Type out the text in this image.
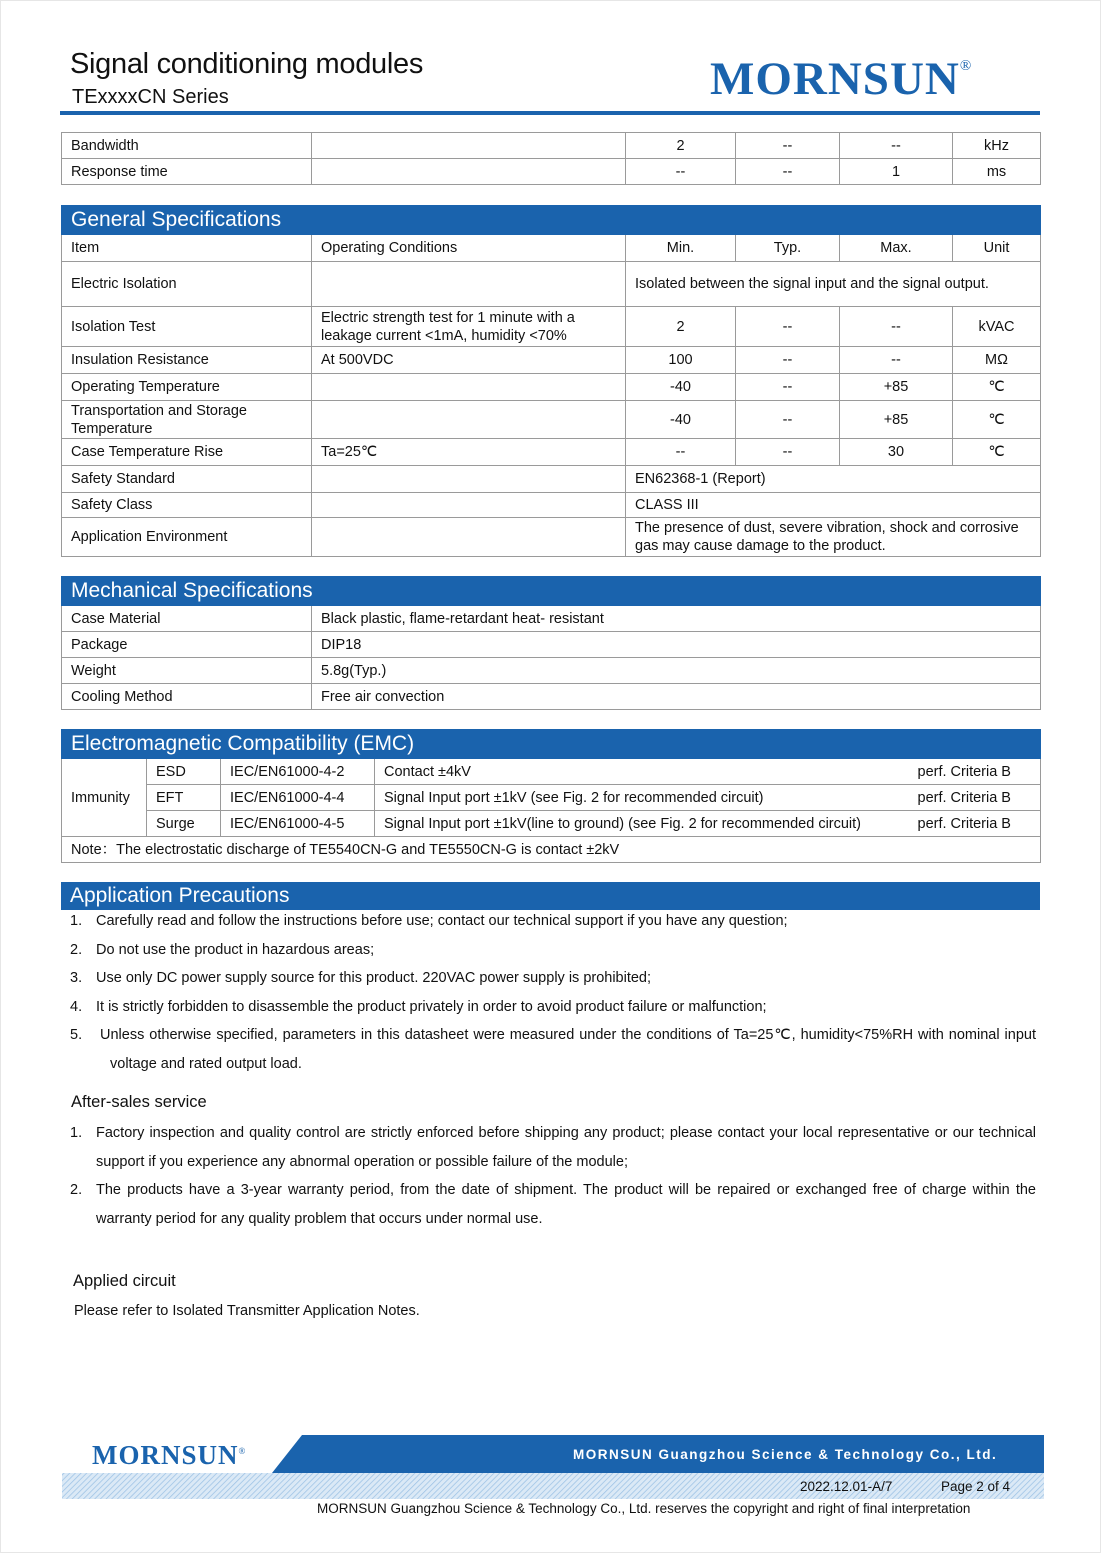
Signal conditioning modules
TExxxxCN Series	MORNSUN®
Bandwidth		2	--	--	kHz
Response time		--	--	1	ms
General Specifications					
Item	Operating Conditions	Min.	Typ.	Max.	Unit
Electric Isolation		Isolated between the signal input and the signal output.			
Isolation Test	Electric strength test for 1 minute with a leakage current <1mA, humidity <70%	2	--	--	kVAC
Insulation Resistance	At 500VDC	100	--	--	MΩ
Operating Temperature		-40	--	+85	℃
Transportation and Storage Temperature		-40	--	+85	℃
Case Temperature Rise	Ta=25℃	--	--	30	℃
Safety Standard		EN62368-1 (Report)			
Safety Class		CLASS III			
Application Environment		The presence of dust, severe vibration, shock and corrosive gas may cause damage to the product.			
Mechanical Specifications	
Case Material	Black plastic, flame-retardant heat- resistant
Package	DIP18
Weight	5.8g(Typ.)
Cooling Method	Free air convection
Electromagnetic Compatibility (EMC)				
Immunity	ESD	IEC/EN61000-4-2	Contact ±4kV	perf. Criteria B
	EFT	IEC/EN61000-4-4	Signal Input port ±1kV (see Fig. 2 for recommended circuit)	perf. Criteria B
	Surge	IEC/EN61000-4-5	Signal Input port ±1kV(line to ground) (see Fig. 2 for recommended circuit)	perf. Criteria B
Note：The electrostatic discharge of TE5540CN-G and TE5550CN-G is contact ±2kV				
Application Precautions
1. Carefully read and follow the instructions before use; contact our technical support if you have any question;
2. Do not use the product in hazardous areas;
3. Use only DC power supply source for this product. 220VAC power supply is prohibited;
4. It is strictly forbidden to disassemble the product privately in order to avoid product failure or malfunction;
5. Unless otherwise specified, parameters in this datasheet were measured under the conditions of Ta=25℃, humidity<75%RH with nominal input voltage and rated output load.
After-sales service
1. Factory inspection and quality control are strictly enforced before shipping any product; please contact your local representative or our technical support if you experience any abnormal operation or possible failure of the module;
2. The products have a 3-year warranty period, from the date of shipment. The product will be repaired or exchanged free of charge within the warranty period for any quality problem that occurs under normal use.
Applied circuit
Please refer to Isolated Transmitter Application Notes.
MORNSUN®	MORNSUN Guangzhou Science & Technology Co., Ltd.
2022.12.01-A/7	Page 2 of 4
MORNSUN Guangzhou Science & Technology Co., Ltd. reserves the copyright and right of final interpretation
